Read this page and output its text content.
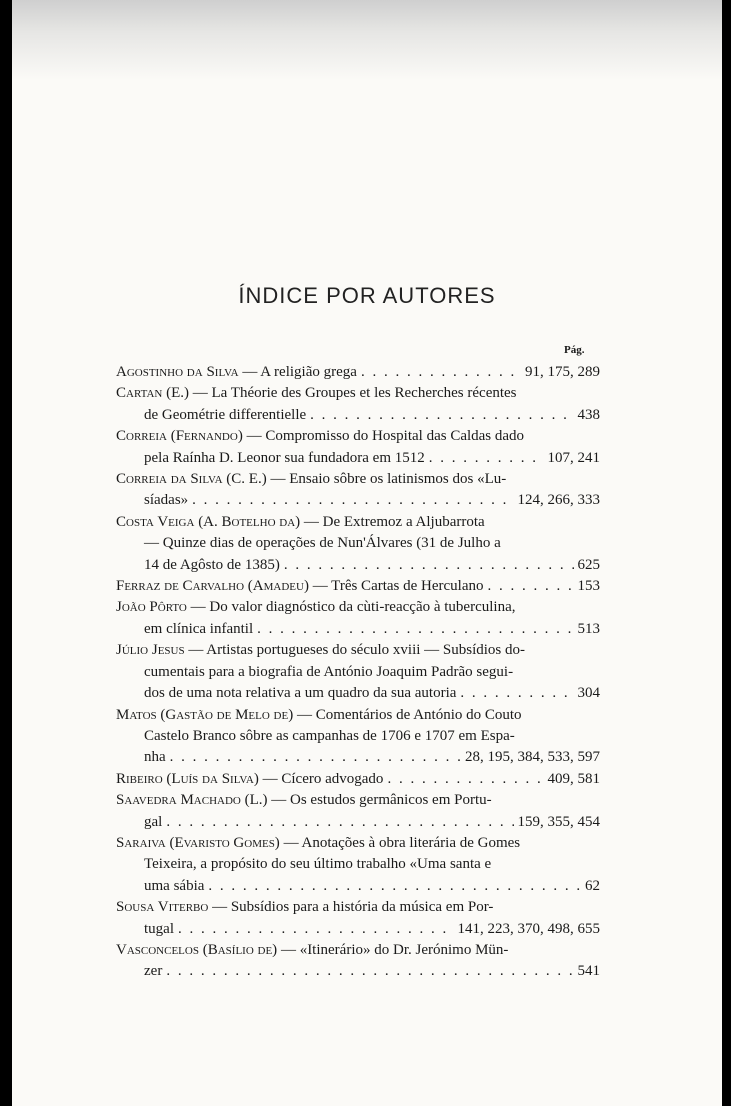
ÍNDICE POR AUTORES
Pág.
Agostinho da Silva
— A religião grega . . .	91, 175, 289
Cartan (E.) — La Théorie des Groupes et les Recherches récentes
de Geométrie differentielle . . .	438
Correia
(Fernando)
— Compromisso do Hospital das Caldas dado
pela Raínha D. Leonor sua fundadora em 1512 . . .	107, 241
Correia da Silva
(C. E.) — Ensaio sôbre os latinismos dos «Lu-
síadas» . . .	124, 266, 333
Costa Veiga
(A. Botelho da)
— De Extremoz a Aljubarrota
— Quinze dias de operações de Nun'Álvares (31 de Julho a
14 de Agôsto de 1385) . . .	625
Ferraz de Carvalho
(Amadeu)
— Três Cartas de Herculano . . .	153
João Pôrto
— Do valor diagnóstico da cùti-reacção à tuberculina,
em clínica infantil . . .	513
Júlio Jesus
— Artistas portugueses do século xviii — Subsídios do-
cumentais para a biografia de António Joaquim Padrão segui-
dos de uma nota relativa a um quadro da sua autoria . . .	304
Matos
(Gastão de Melo de)
— Comentários de António do Couto
Castelo Branco sôbre as campanhas de 1706 e 1707 em Espa-
nha . . .	28, 195, 384, 533, 597
Ribeiro
(Luís da Silva)
— Cícero advogado . . .	409, 581
Saavedra Machado
(L.) — Os estudos germânicos em Portu-
gal . . .	159, 355, 454
Saraiva
(Evaristo Gomes)
— Anotações à obra literária de Gomes
Teixeira, a propósito do seu último trabalho «Uma santa e
uma sábia . . .	62
Sousa Viterbo
— Subsídios para a história da música em Por-
tugal . . .	141, 223, 370, 498, 655
Vasconcelos
(Basílio de)
— «Itinerário» do Dr. Jerónimo Mün-
zer . . .	541
